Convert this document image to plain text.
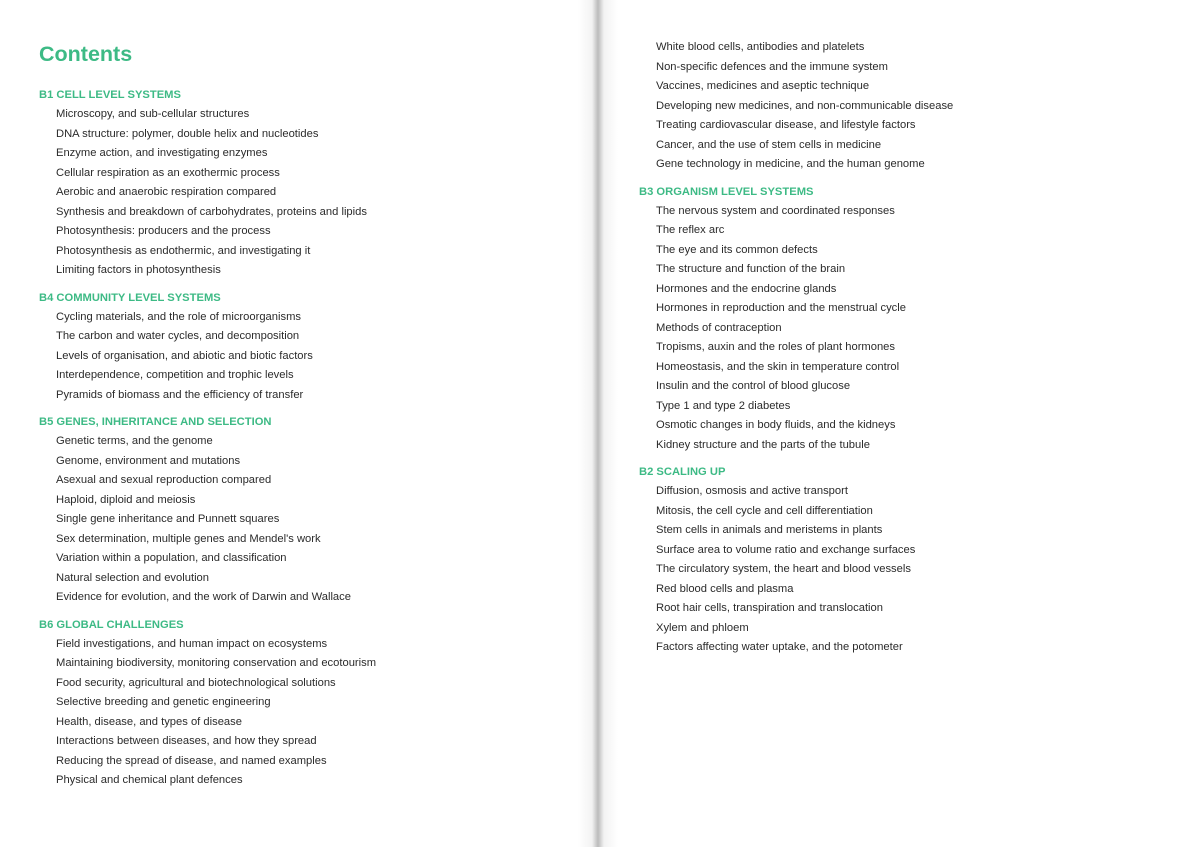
Contents
B1 CELL LEVEL SYSTEMS
Microscopy, and sub-cellular structures
DNA structure: polymer, double helix and nucleotides
Enzyme action, and investigating enzymes
Cellular respiration as an exothermic process
Aerobic and anaerobic respiration compared
Synthesis and breakdown of carbohydrates, proteins and lipids
Photosynthesis: producers and the process
Photosynthesis as endothermic, and investigating it
Limiting factors in photosynthesis
B4 COMMUNITY LEVEL SYSTEMS
Cycling materials, and the role of microorganisms
The carbon and water cycles, and decomposition
Levels of organisation, and abiotic and biotic factors
Interdependence, competition and trophic levels
Pyramids of biomass and the efficiency of transfer
B5 GENES, INHERITANCE AND SELECTION
Genetic terms, and the genome
Genome, environment and mutations
Asexual and sexual reproduction compared
Haploid, diploid and meiosis
Single gene inheritance and Punnett squares
Sex determination, multiple genes and Mendel's work
Variation within a population, and classification
Natural selection and evolution
Evidence for evolution, and the work of Darwin and Wallace
B6 GLOBAL CHALLENGES
Field investigations, and human impact on ecosystems
Maintaining biodiversity, monitoring conservation and ecotourism
Food security, agricultural and biotechnological solutions
Selective breeding and genetic engineering
Health, disease, and types of disease
Interactions between diseases, and how they spread
Reducing the spread of disease, and named examples
Physical and chemical plant defences
White blood cells, antibodies and platelets
Non-specific defences and the immune system
Vaccines, medicines and aseptic technique
Developing new medicines, and non-communicable disease
Treating cardiovascular disease, and lifestyle factors
Cancer, and the use of stem cells in medicine
Gene technology in medicine, and the human genome
B3 ORGANISM LEVEL SYSTEMS
The nervous system and coordinated responses
The reflex arc
The eye and its common defects
The structure and function of the brain
Hormones and the endocrine glands
Hormones in reproduction and the menstrual cycle
Methods of contraception
Tropisms, auxin and the roles of plant hormones
Homeostasis, and the skin in temperature control
Insulin and the control of blood glucose
Type 1 and type 2 diabetes
Osmotic changes in body fluids, and the kidneys
Kidney structure and the parts of the tubule
B2 SCALING UP
Diffusion, osmosis and active transport
Mitosis, the cell cycle and cell differentiation
Stem cells in animals and meristems in plants
Surface area to volume ratio and exchange surfaces
The circulatory system, the heart and blood vessels
Red blood cells and plasma
Root hair cells, transpiration and translocation
Xylem and phloem
Factors affecting water uptake, and the potometer
